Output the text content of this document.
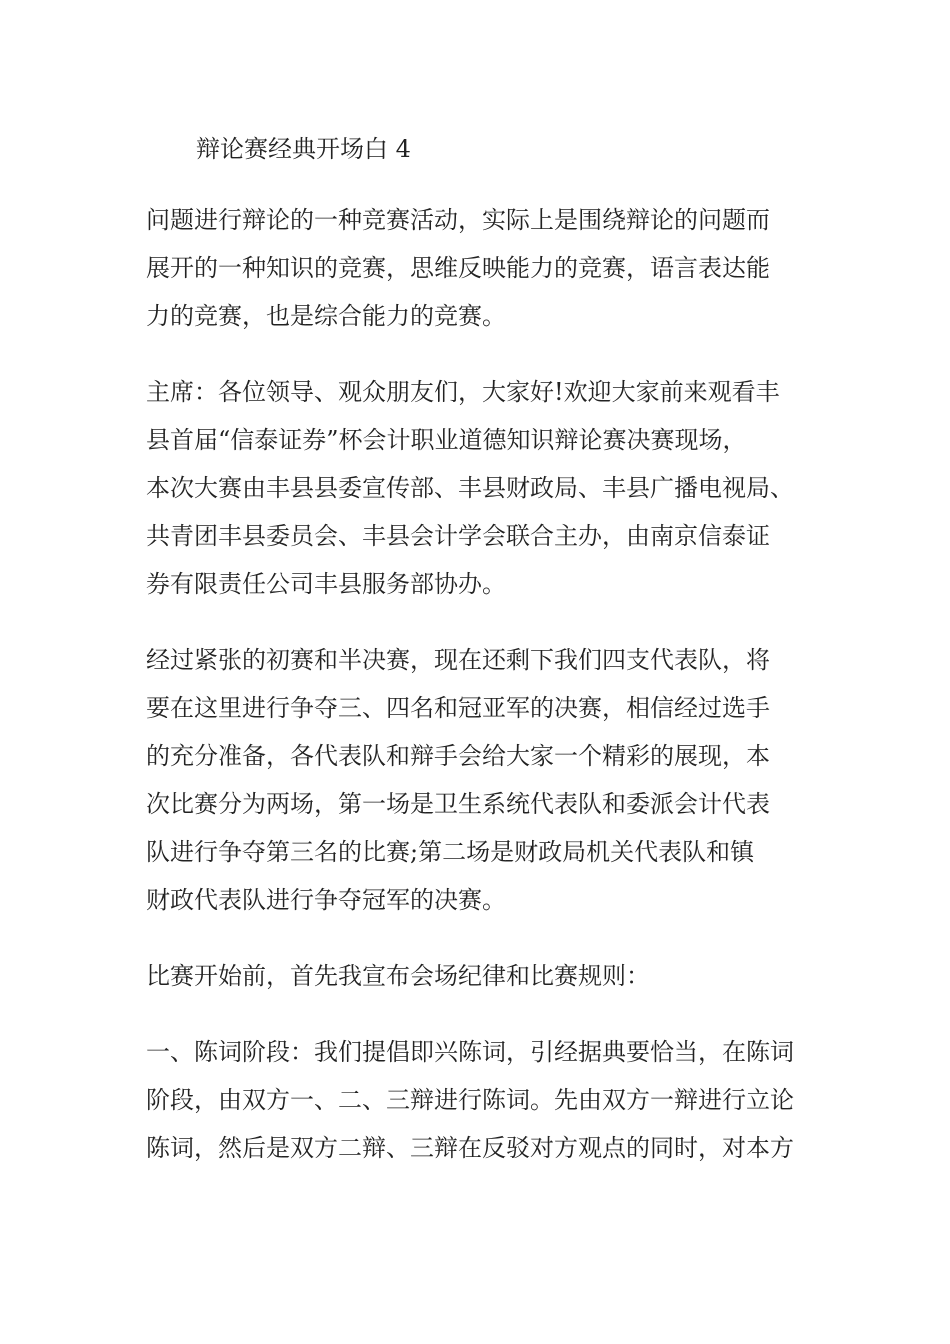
辩论赛经典开场白 4
问题进行辩论的一种竞赛活动，实际上是围绕辩论的问题而
展开的一种知识的竞赛，思维反映能力的竞赛，语言表达能
力的竞赛，也是综合能力的竞赛。
主席：各位领导、观众朋友们，大家好!欢迎大家前来观看丰
县首届“信泰证券”杯会计职业道德知识辩论赛决赛现场，
本次大赛由丰县县委宣传部、丰县财政局、丰县广播电视局、
共青团丰县委员会、丰县会计学会联合主办，由南京信泰证
券有限责任公司丰县服务部协办。
经过紧张的初赛和半决赛，现在还剩下我们四支代表队，将
要在这里进行争夺三、四名和冠亚军的决赛，相信经过选手
的充分准备，各代表队和辩手会给大家一个精彩的展现，本
次比赛分为两场，第一场是卫生系统代表队和委派会计代表
队进行争夺第三名的比赛;第二场是财政局机关代表队和镇
财政代表队进行争夺冠军的决赛。
比赛开始前，首先我宣布会场纪律和比赛规则：
一、陈词阶段：我们提倡即兴陈词，引经据典要恰当，在陈词
阶段，由双方一、二、三辩进行陈词。先由双方一辩进行立论
陈词，然后是双方二辩、三辩在反驳对方观点的同时，对本方
